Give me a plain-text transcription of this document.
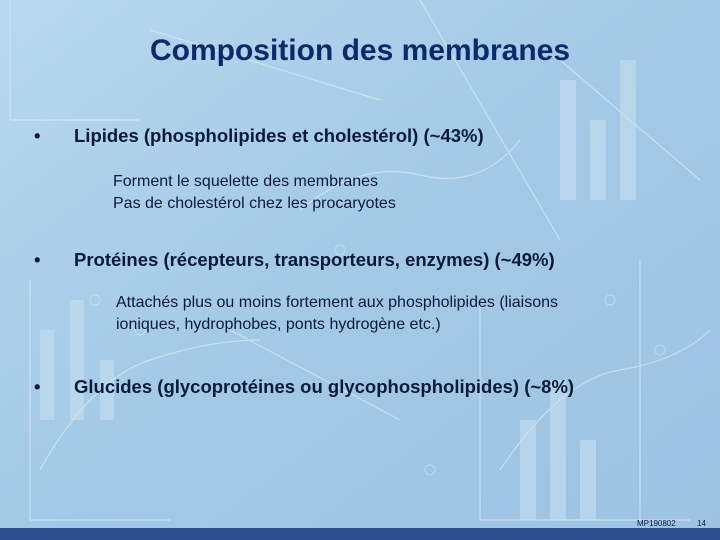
Composition des membranes
• Lipides (phospholipides et cholestérol) (~43%)
Forment le squelette des membranes
Pas de cholestérol chez les procaryotes
• Protéines (récepteurs, transporteurs, enzymes) (~49%)
Attachés plus ou moins fortement aux phospholipides (liaisons
ioniques, hydrophobes, ponts hydrogène etc.)
• Glucides (glycoprotéines ou glycophospholipides) (~8%)
MP190802	14
